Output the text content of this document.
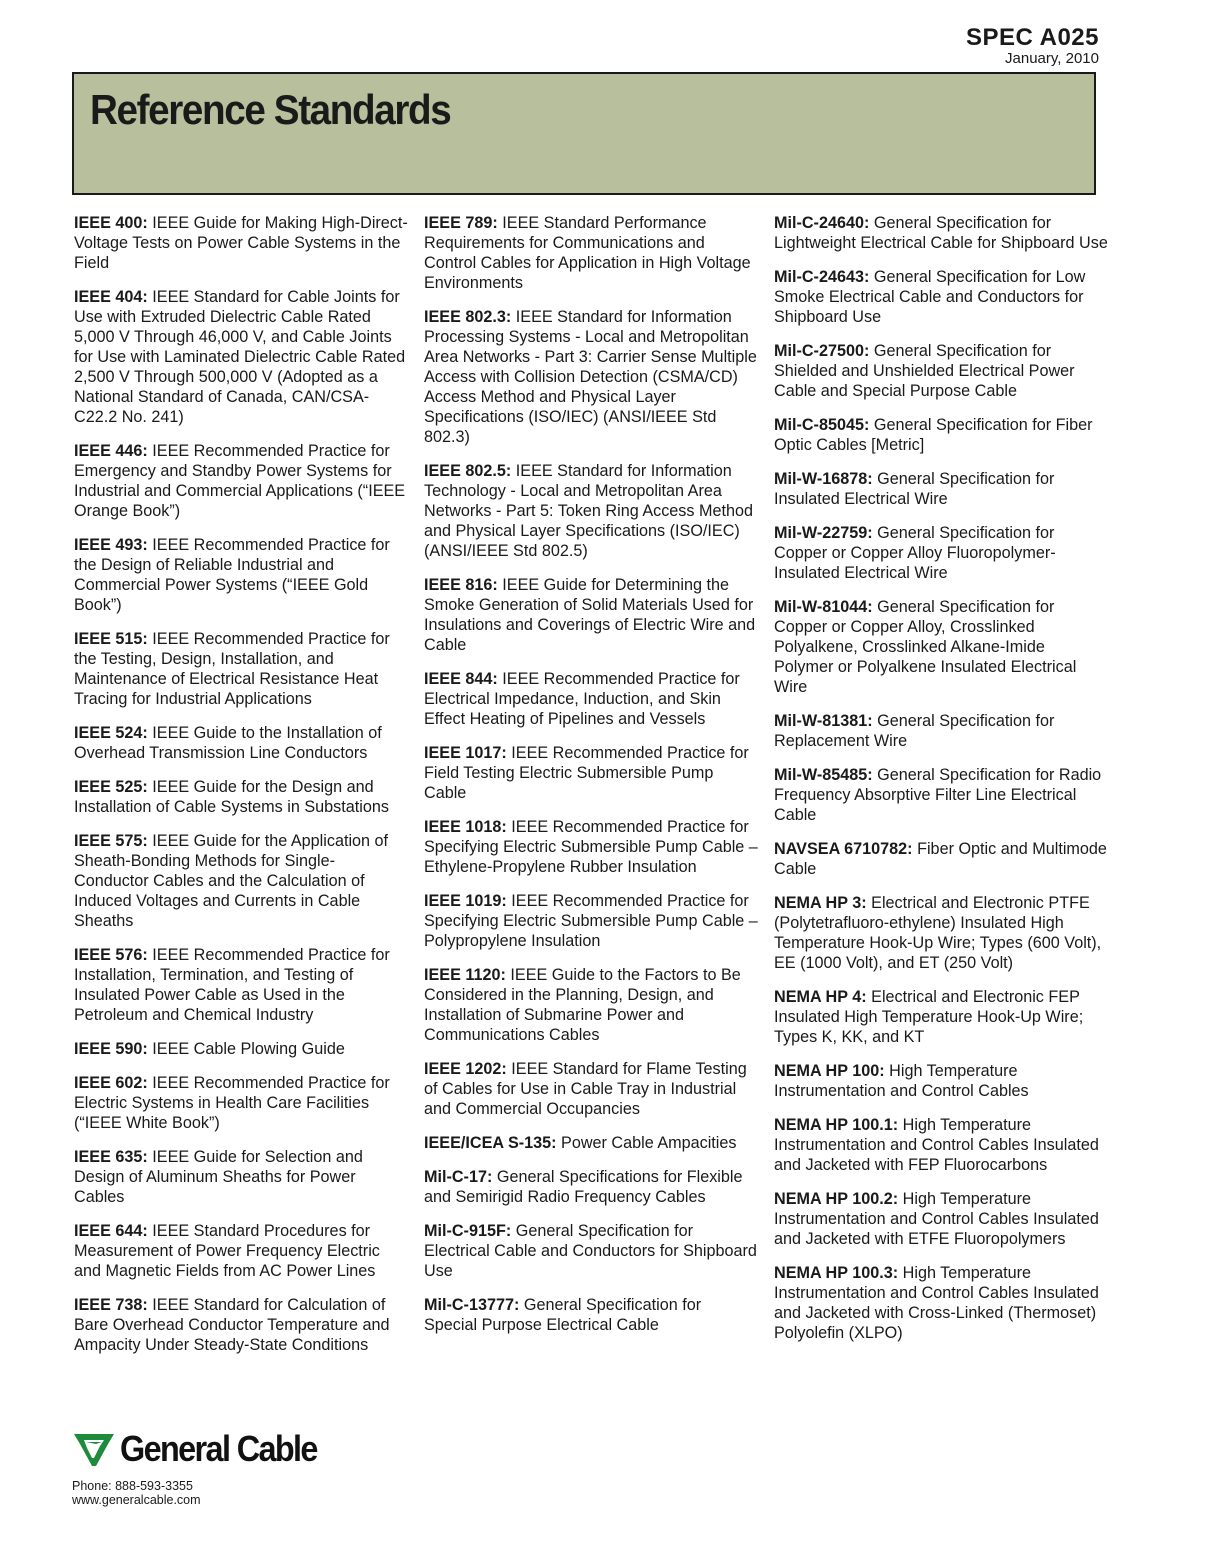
SPEC A025
January, 2010
Reference Standards

IEEE 400: IEEE Guide for Making High-Direct-Voltage Tests on Power Cable Systems in the Field

IEEE 404: IEEE Standard for Cable Joints for Use with Extruded Dielectric Cable Rated 5,000 V Through 46,000 V, and Cable Joints for Use with Laminated Dielectric Cable Rated 2,500 V Through 500,000 V (Adopted as a National Standard of Canada, CAN/CSA-C22.2 No. 241)

IEEE 446: IEEE Recommended Practice for Emergency and Standby Power Systems for Industrial and Commercial Applications (“IEEE Orange Book”)

IEEE 493: IEEE Recommended Practice for the Design of Reliable Industrial and Commercial Power Systems (“IEEE Gold Book”)

IEEE 515: IEEE Recommended Practice for the Testing, Design, Installation, and Maintenance of Electrical Resistance Heat Tracing for Industrial Applications

IEEE 524: IEEE Guide to the Installation of Overhead Transmission Line Conductors

IEEE 525: IEEE Guide for the Design and Installation of Cable Systems in Substations

IEEE 575: IEEE Guide for the Application of Sheath-Bonding Methods for Single-Conductor Cables and the Calculation of Induced Voltages and Currents in Cable Sheaths

IEEE 576: IEEE Recommended Practice for Installation, Termination, and Testing of Insulated Power Cable as Used in the Petroleum and Chemical Industry

IEEE 590: IEEE Cable Plowing Guide

IEEE 602: IEEE Recommended Practice for Electric Systems in Health Care Facilities (“IEEE White Book”)

IEEE 635: IEEE Guide for Selection and Design of Aluminum Sheaths for Power Cables

IEEE 644: IEEE Standard Procedures for Measurement of Power Frequency Electric and Magnetic Fields from AC Power Lines

IEEE 738: IEEE Standard for Calculation of Bare Overhead Conductor Temperature and Ampacity Under Steady-State Conditions

IEEE 789: IEEE Standard Performance Requirements for Communications and Control Cables for Application in High Voltage Environments

IEEE 802.3: IEEE Standard for Information Processing Systems - Local and Metropolitan Area Networks - Part 3: Carrier Sense Multiple Access with Collision Detection (CSMA/CD) Access Method and Physical Layer Specifications (ISO/IEC) (ANSI/IEEE Std 802.3)

IEEE 802.5: IEEE Standard for Information Technology - Local and Metropolitan Area Networks - Part 5: Token Ring Access Method and Physical Layer Specifications (ISO/IEC) (ANSI/IEEE Std 802.5)

IEEE 816: IEEE Guide for Determining the Smoke Generation of Solid Materials Used for Insulations and Coverings of Electric Wire and Cable

IEEE 844: IEEE Recommended Practice for Electrical Impedance, Induction, and Skin Effect Heating of Pipelines and Vessels

IEEE 1017: IEEE Recommended Practice for Field Testing Electric Submersible Pump Cable

IEEE 1018: IEEE Recommended Practice for Specifying Electric Submersible Pump Cable – Ethylene-Propylene Rubber Insulation

IEEE 1019: IEEE Recommended Practice for Specifying Electric Submersible Pump Cable – Polypropylene Insulation

IEEE 1120: IEEE Guide to the Factors to Be Considered in the Planning, Design, and Installation of Submarine Power and Communications Cables

IEEE 1202: IEEE Standard for Flame Testing of Cables for Use in Cable Tray in Industrial and Commercial Occupancies

IEEE/ICEA S-135: Power Cable Ampacities

Mil-C-17: General Specifications for Flexible and Semirigid Radio Frequency Cables

Mil-C-915F: General Specification for Electrical Cable and Conductors for Shipboard Use

Mil-C-13777: General Specification for Special Purpose Electrical Cable

Mil-C-24640: General Specification for Lightweight Electrical Cable for Shipboard Use

Mil-C-24643: General Specification for Low Smoke Electrical Cable and Conductors for Shipboard Use

Mil-C-27500: General Specification for Shielded and Unshielded Electrical Power Cable and Special Purpose Cable

Mil-C-85045: General Specification for Fiber Optic Cables [Metric]

Mil-W-16878: General Specification for Insulated Electrical Wire

Mil-W-22759: General Specification for Copper or Copper Alloy Fluoropolymer-Insulated Electrical Wire

Mil-W-81044: General Specification for Copper or Copper Alloy, Crosslinked Polyalkene, Crosslinked Alkane-Imide Polymer or Polyalkene Insulated Electrical Wire

Mil-W-81381: General Specification for Replacement Wire

Mil-W-85485: General Specification for Radio Frequency Absorptive Filter Line Electrical Cable

NAVSEA 6710782: Fiber Optic and Multimode Cable

NEMA HP 3: Electrical and Electronic PTFE (Polytetrafluoro-ethylene) Insulated High Temperature Hook-Up Wire; Types (600 Volt), EE (1000 Volt), and ET (250 Volt)

NEMA HP 4: Electrical and Electronic FEP Insulated High Temperature Hook-Up Wire; Types K, KK, and KT

NEMA HP 100: High Temperature Instrumentation and Control Cables

NEMA HP 100.1: High Temperature Instrumentation and Control Cables Insulated and Jacketed with FEP Fluorocarbons

NEMA HP 100.2: High Temperature Instrumentation and Control Cables Insulated and Jacketed with ETFE Fluoropolymers

NEMA HP 100.3: High Temperature Instrumentation and Control Cables Insulated and Jacketed with Cross-Linked (Thermoset) Polyolefin (XLPO)

General Cable
Phone: 888-593-3355
www.generalcable.com
